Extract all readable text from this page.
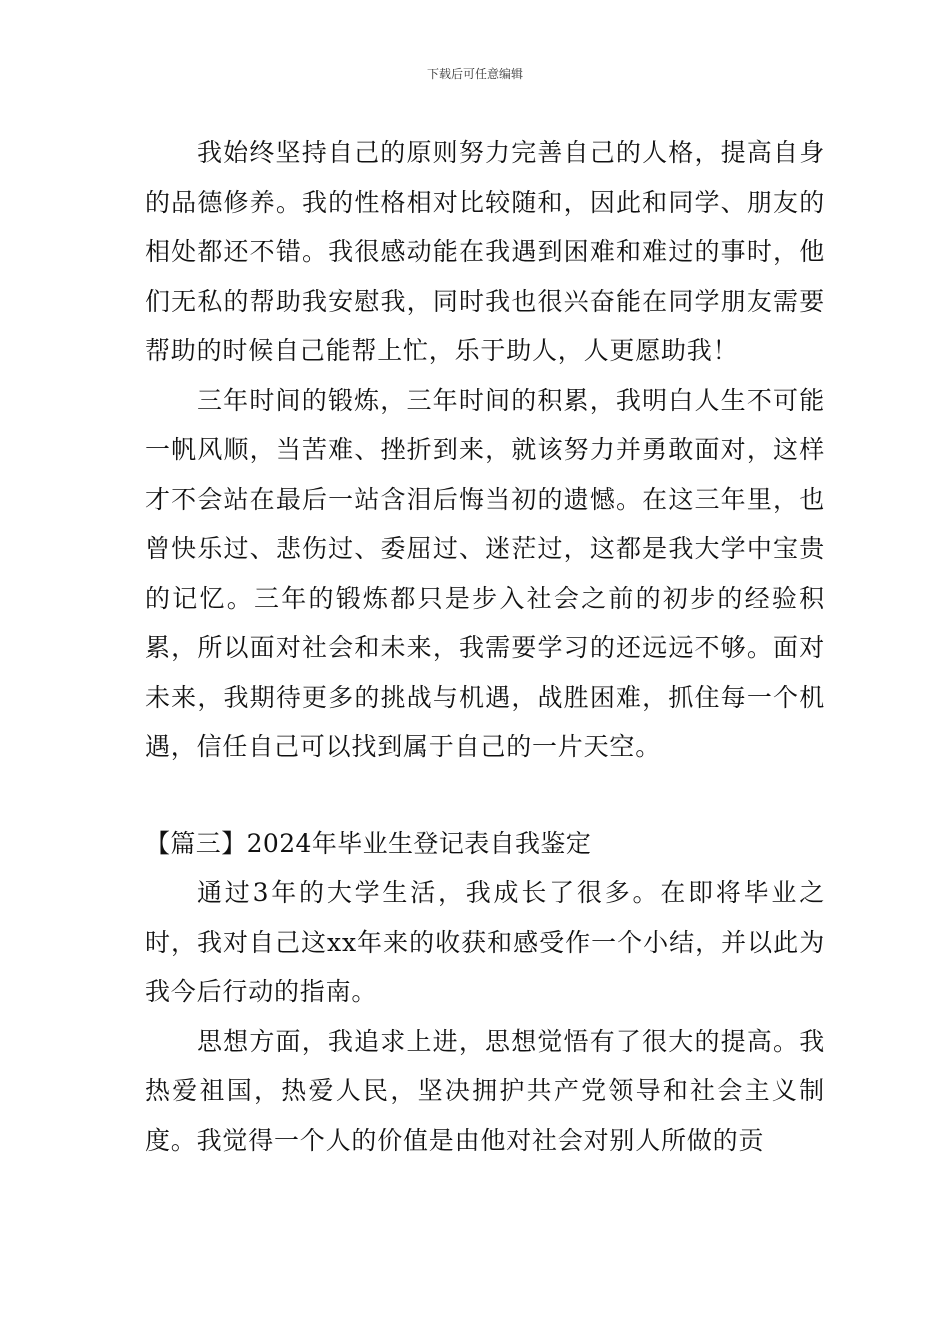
下载后可任意编辑

我始终坚持自己的原则努力完善自己的人格，提高自身的品德修养。我的性格相对比较随和，因此和同学、朋友的相处都还不错。我很感动能在我遇到困难和难过的事时，他们无私的帮助我安慰我，同时我也很兴奋能在同学朋友需要帮助的时候自己能帮上忙，乐于助人，人更愿助我！

三年时间的锻炼，三年时间的积累，我明白人生不可能一帆风顺，当苦难、挫折到来，就该努力并勇敢面对，这样才不会站在最后一站含泪后悔当初的遗憾。在这三年里，也曾快乐过、悲伤过、委屈过、迷茫过，这都是我大学中宝贵的记忆。三年的锻炼都只是步入社会之前的初步的经验积累，所以面对社会和未来，我需要学习的还远远不够。面对未来，我期待更多的挑战与机遇，战胜困难，抓住每一个机遇，信任自己可以找到属于自己的一片天空。

【篇三】2024年毕业生登记表自我鉴定

通过3年的大学生活，我成长了很多。在即将毕业之时，我对自己这xx年来的收获和感受作一个小结，并以此为我今后行动的指南。

思想方面，我追求上进，思想觉悟有了很大的提高。我热爱祖国，热爱人民，坚决拥护共产党领导和社会主义制度。我觉得一个人的价值是由他对社会对别人所做的贡
